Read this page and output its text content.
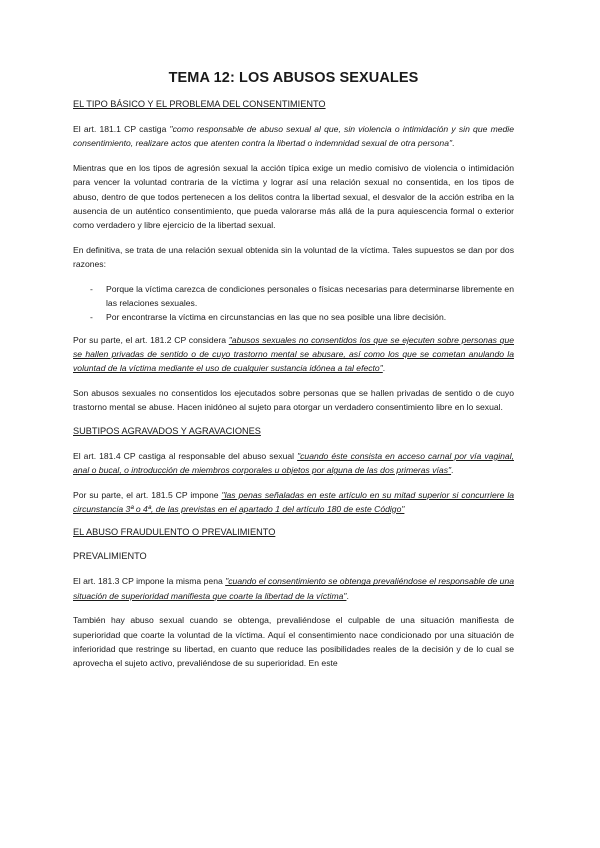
TEMA 12: LOS ABUSOS SEXUALES
EL TIPO BÁSICO Y EL PROBLEMA DEL CONSENTIMIENTO

El art. 181.1 CP castiga "como responsable de abuso sexual al que, sin violencia o intimidación y sin que medie consentimiento, realizare actos que atenten contra la libertad o indemnidad sexual de otra persona".

Mientras que en los tipos de agresión sexual la acción típica exige un medio comisivo de violencia o intimidación para vencer la voluntad contraria de la víctima y lograr así una relación sexual no consentida, en los tipos de abuso, dentro de que todos pertenecen a los delitos contra la libertad sexual, el desvalor de la acción estriba en la ausencia de un auténtico consentimiento, que pueda valorarse más allá de la pura aquiescencia formal o exterior como verdadero y libre ejercicio de la libertad sexual.

En definitiva, se trata de una relación sexual obtenida sin la voluntad de la víctima. Tales supuestos se dan por dos razones:

- Porque la víctima carezca de condiciones personales o físicas necesarias para determinarse libremente en las relaciones sexuales.
- Por encontrarse la víctima en circunstancias en las que no sea posible una libre decisión.

Por su parte, el art. 181.2 CP considera "abusos sexuales no consentidos los que se ejecuten sobre personas que se hallen privadas de sentido o de cuyo trastorno mental se abusare, así como los que se cometan anulando la voluntad de la víctima mediante el uso de cualquier sustancia idónea a tal efecto".

Son abusos sexuales no consentidos los ejecutados sobre personas que se hallen privadas de sentido o de cuyo trastorno mental se abuse. Hacen inidóneo al sujeto para otorgar un verdadero consentimiento libre en lo sexual.

SUBTIPOS AGRAVADOS Y AGRAVACIONES

El art. 181.4 CP castiga al responsable del abuso sexual "cuando éste consista en acceso carnal por vía vaginal, anal o bucal, o introducción de miembros corporales u objetos por alguna de las dos primeras vías".

Por su parte, el art. 181.5 CP impone "las penas señaladas en este artículo en su mitad superior si concurriere la circunstancia 3ª o 4ª, de las previstas en el apartado 1 del artículo 180 de este Código"

EL ABUSO FRAUDULENTO O PREVALIMIENTO
PREVALIMIENTO

El art. 181.3 CP impone la misma pena "cuando el consentimiento se obtenga prevaliéndose el responsable de una situación de superioridad manifiesta que coarte la libertad de la víctima".

También hay abuso sexual cuando se obtenga, prevaliéndose el culpable de una situación manifiesta de superioridad que coarte la voluntad de la víctima. Aquí el consentimiento nace condicionado por una situación de inferioridad que restringe su libertad, en cuanto que reduce las posibilidades reales de la decisión y de lo cual se aprovecha el sujeto activo, prevaliéndose de su superioridad. En este
